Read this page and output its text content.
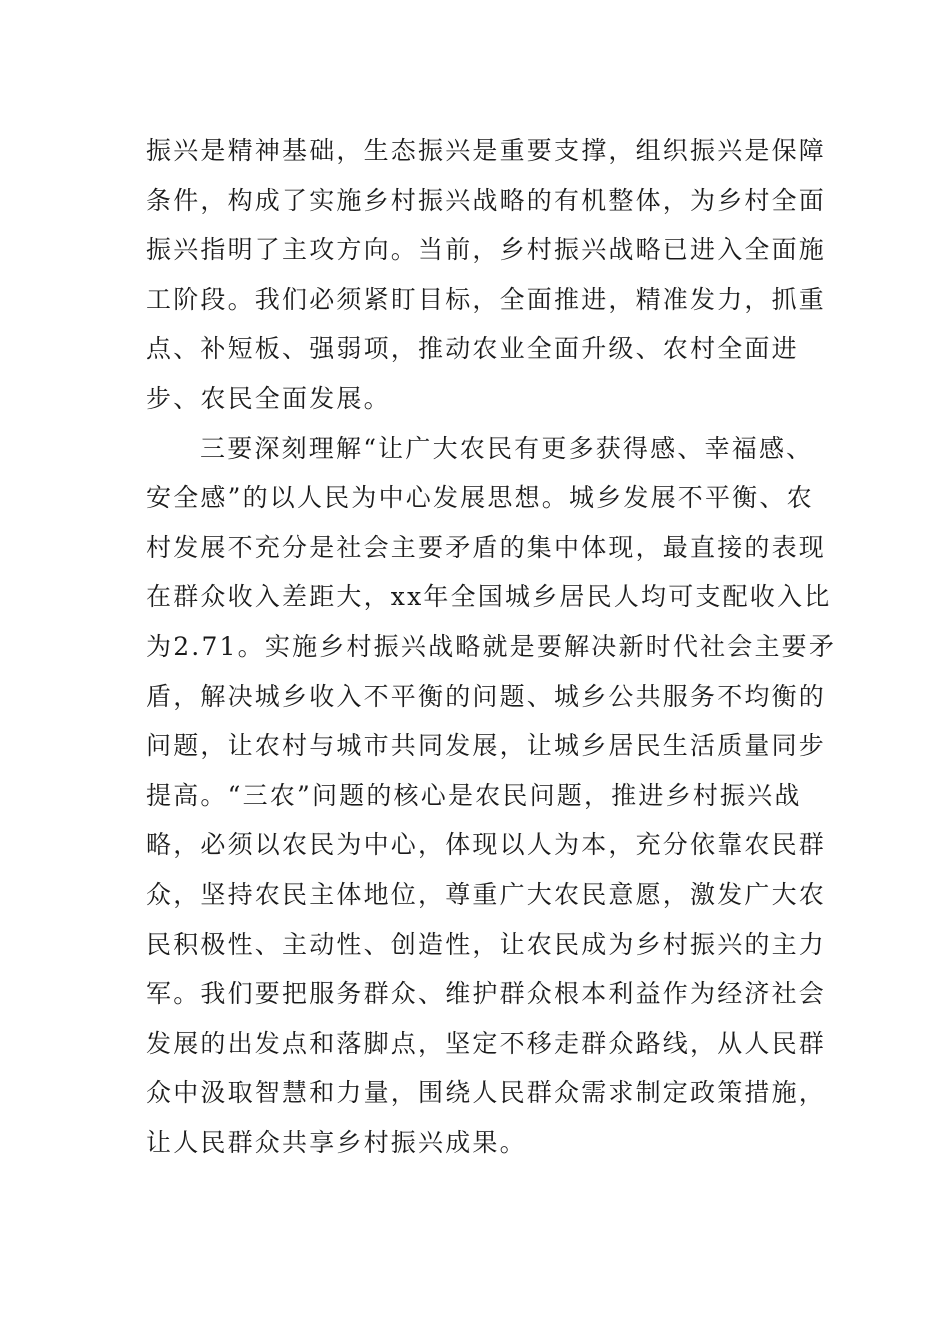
振兴是精神基础，生态振兴是重要支撑，组织振兴是保障
条件，构成了实施乡村振兴战略的有机整体，为乡村全面
振兴指明了主攻方向。当前，乡村振兴战略已进入全面施
工阶段。我们必须紧盯目标，全面推进，精准发力，抓重
点、补短板、强弱项，推动农业全面升级、农村全面进
步、农民全面发展。
三要深刻理解“让广大农民有更多获得感、幸福感、
安全感”的以人民为中心发展思想。城乡发展不平衡、农
村发展不充分是社会主要矛盾的集中体现，最直接的表现
在群众收入差距大，xx年全国城乡居民人均可支配收入比
为2.71。实施乡村振兴战略就是要解决新时代社会主要矛
盾，解决城乡收入不平衡的问题、城乡公共服务不均衡的
问题，让农村与城市共同发展，让城乡居民生活质量同步
提高。“三农”问题的核心是农民问题，推进乡村振兴战
略，必须以农民为中心，体现以人为本，充分依靠农民群
众，坚持农民主体地位，尊重广大农民意愿，激发广大农
民积极性、主动性、创造性，让农民成为乡村振兴的主力
军。我们要把服务群众、维护群众根本利益作为经济社会
发展的出发点和落脚点，坚定不移走群众路线，从人民群
众中汲取智慧和力量，围绕人民群众需求制定政策措施，
让人民群众共享乡村振兴成果。
